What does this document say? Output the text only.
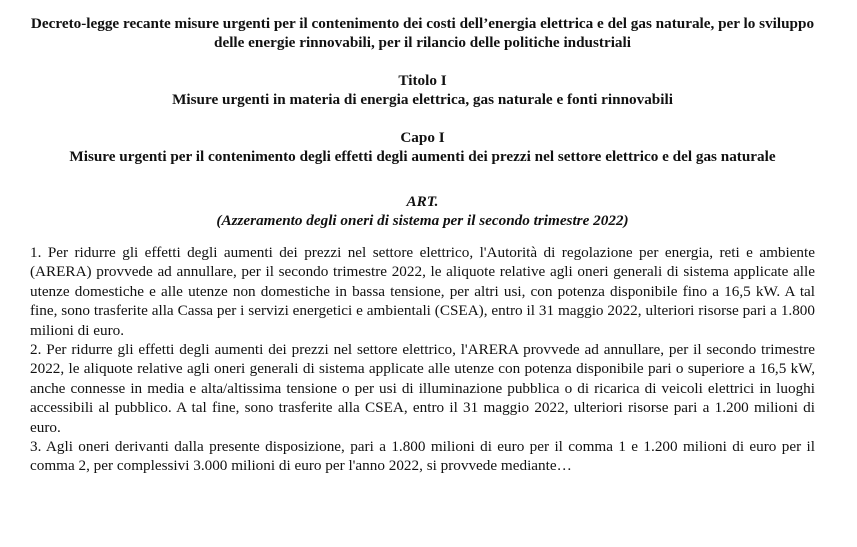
Decreto-legge recante misure urgenti per il contenimento dei costi dell’energia elettrica e del gas naturale, per lo sviluppo delle energie rinnovabili, per il rilancio delle politiche industriali

Titolo I

Misure urgenti in materia di energia elettrica, gas naturale e fonti rinnovabili

Capo I

Misure urgenti per il contenimento degli effetti degli aumenti dei prezzi nel settore elettrico e del gas naturale

ART.

(Azzeramento degli oneri di sistema per il secondo trimestre 2022)

1. Per ridurre gli effetti degli aumenti dei prezzi nel settore elettrico, l'Autorità di regolazione per energia, reti e ambiente (ARERA) provvede ad annullare, per il secondo trimestre 2022, le aliquote relative agli oneri generali di sistema applicate alle utenze domestiche e alle utenze non domestiche in bassa tensione, per altri usi, con potenza disponibile fino a 16,5 kW. A tal fine, sono trasferite alla Cassa per i servizi energetici e ambientali (CSEA), entro il 31 maggio 2022, ulteriori risorse pari a 1.800 milioni di euro.

2. Per ridurre gli effetti degli aumenti dei prezzi nel settore elettrico, l'ARERA provvede ad annullare, per il secondo trimestre 2022, le aliquote relative agli oneri generali di sistema applicate alle utenze con potenza disponibile pari o superiore a 16,5 kW, anche connesse in media e alta/altissima tensione o per usi di illuminazione pubblica o di ricarica di veicoli elettrici in luoghi accessibili al pubblico. A tal fine, sono trasferite alla CSEA, entro il 31 maggio 2022, ulteriori risorse pari a 1.200 milioni di euro.

3. Agli oneri derivanti dalla presente disposizione, pari a 1.800 milioni di euro per il comma 1 e 1.200 milioni di euro per il comma 2, per complessivi 3.000 milioni di euro per l'anno 2022, si provvede mediante…
